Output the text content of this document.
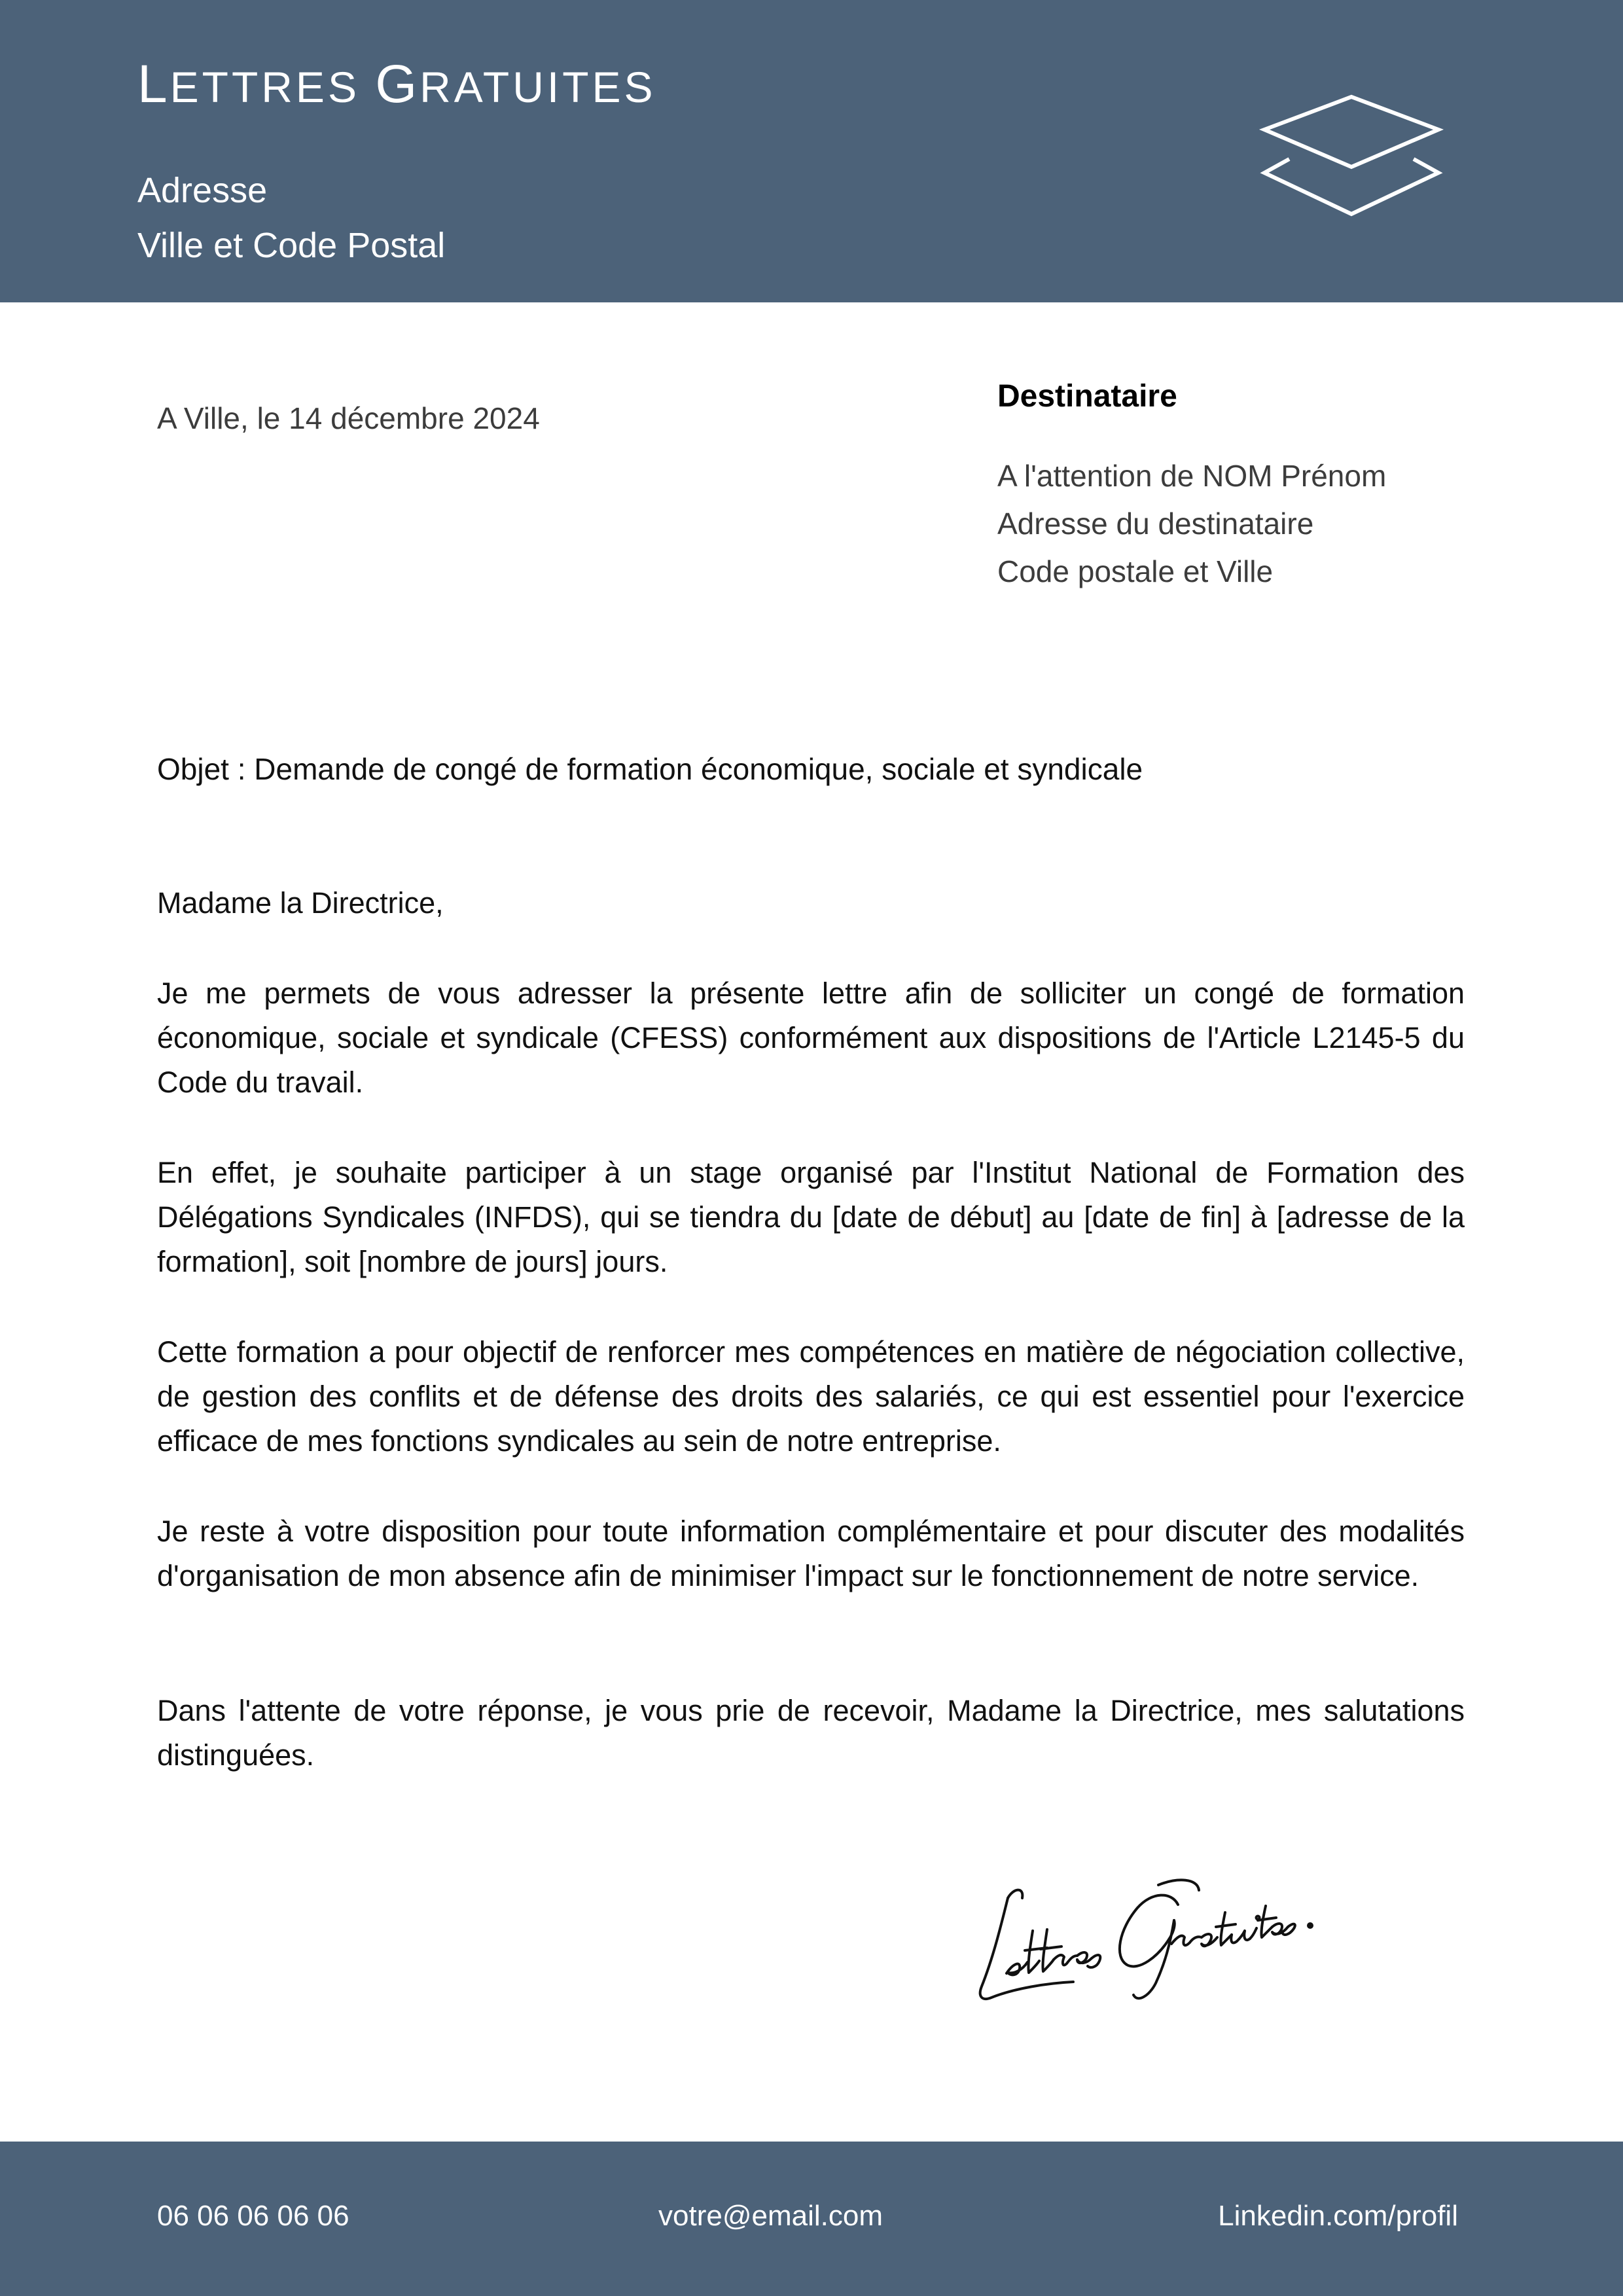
LETTRES GRATUITES
Adresse
Ville et Code Postal
A Ville, le 14 décembre 2024
Destinataire
A l'attention de NOM Prénom
Adresse du destinataire
Code postale et Ville
Objet : Demande de congé de formation économique, sociale et syndicale
Madame la Directrice,
Je me permets de vous adresser la présente lettre afin de solliciter un congé de formation économique, sociale et syndicale (CFESS) conformément aux dispositions de l'Article L2145-5 du Code du travail.
En effet, je souhaite participer à un stage organisé par l'Institut National de Formation des Délégations Syndicales (INFDS), qui se tiendra du [date de début] au [date de fin] à [adresse de la formation], soit [nombre de jours] jours.
Cette formation a pour objectif de renforcer mes compétences en matière de négociation collective, de gestion des conflits et de défense des droits des salariés, ce qui est essentiel pour l'exercice efficace de mes fonctions syndicales au sein de notre entreprise.
Je reste à votre disposition pour toute information complémentaire et pour discuter des modalités d'organisation de mon absence afin de minimiser l'impact sur le fonctionnement de notre service.
Dans l'attente de votre réponse, je vous prie de recevoir, Madame la Directrice, mes salutations distinguées.
06 06 06 06 06	votre@email.com	Linkedin.com/profil
